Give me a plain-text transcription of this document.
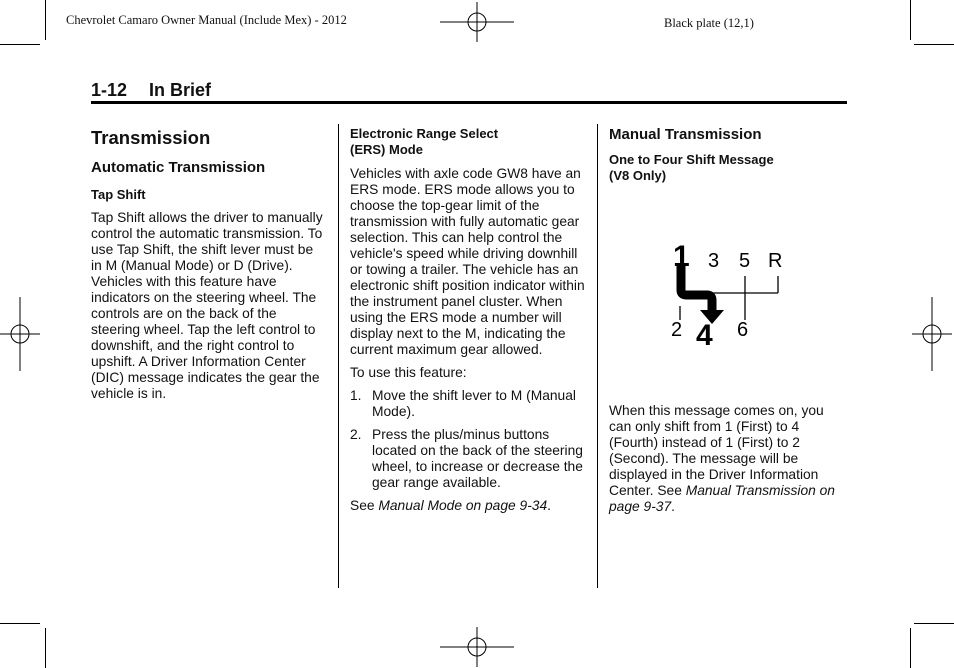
Chevrolet Camaro Owner Manual (Include Mex) - 2012	Black plate (12,1)
1-12 In Brief
Transmission
Automatic Transmission
Tap Shift

Tap Shift allows the driver to manually control the automatic transmission. To use Tap Shift, the shift lever must be in M (Manual Mode) or D (Drive). Vehicles with this feature have indicators on the steering wheel. The controls are on the back of the steering wheel. Tap the left control to downshift, and the right control to upshift. A Driver Information Center (DIC) message indicates the gear the vehicle is in.

Electronic Range Select
(ERS) Mode

Vehicles with axle code GW8 have an ERS mode. ERS mode allows you to choose the top-gear limit of the transmission with fully automatic gear selection. This can help control the vehicle's speed while driving downhill or towing a trailer. The vehicle has an electronic shift position indicator within the instrument panel cluster. When using the ERS mode a number will display next to the M, indicating the current maximum gear allowed.

To use this feature:

1. Move the shift lever to M (Manual Mode).
2. Press the plus/minus buttons located on the back of the steering wheel, to increase or decrease the gear range available.

See Manual Mode on page 9-34.

Manual Transmission
One to Four Shift Message
(V8 Only)
1 3 5 R
2 4 6

When this message comes on, you can only shift from 1 (First) to 4 (Fourth) instead of 1 (First) to 2 (Second). The message will be displayed in the Driver Information Center. See Manual Transmission on page 9-37.
